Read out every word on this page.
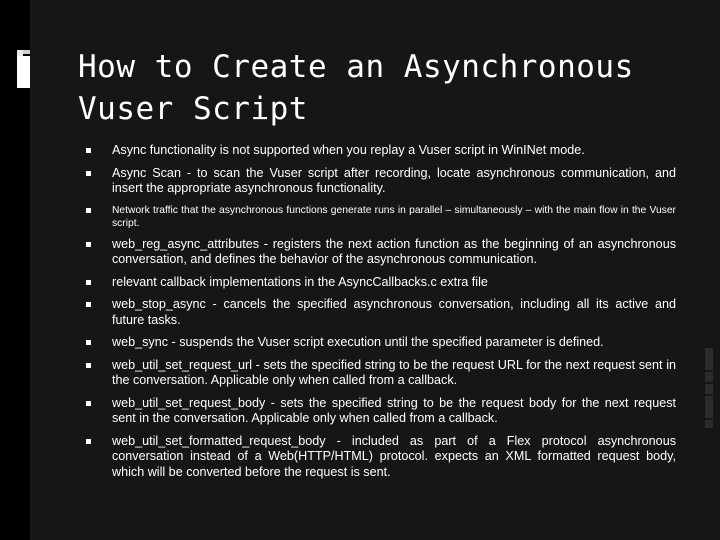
How to Create an Asynchronous Vuser Script
Async functionality is not supported when you replay a Vuser script in WinINet mode.
Async Scan - to scan the Vuser script after recording, locate asynchronous communication, and insert the appropriate asynchronous functionality.
Network traffic that the asynchronous functions generate runs in parallel – simultaneously – with the main flow in the Vuser script.
web_reg_async_attributes - registers the next action function as the beginning of an asynchronous conversation, and defines the behavior of the asynchronous communication.
relevant callback implementations in the AsyncCallbacks.c extra file
web_stop_async - cancels the specified asynchronous conversation, including all its active and future tasks.
web_sync - suspends the Vuser script execution until the specified parameter is defined.
web_util_set_request_url - sets the specified string to be the request URL for the next request sent in the conversation. Applicable only when called from a callback.
web_util_set_request_body - sets the specified string to be the request body for the next request sent in the conversation. Applicable only when called from a callback.
web_util_set_formatted_request_body - included as part of a Flex protocol asynchronous conversation instead of a Web(HTTP/HTML) protocol. expects an XML formatted request body, which will be converted before the request is sent.
